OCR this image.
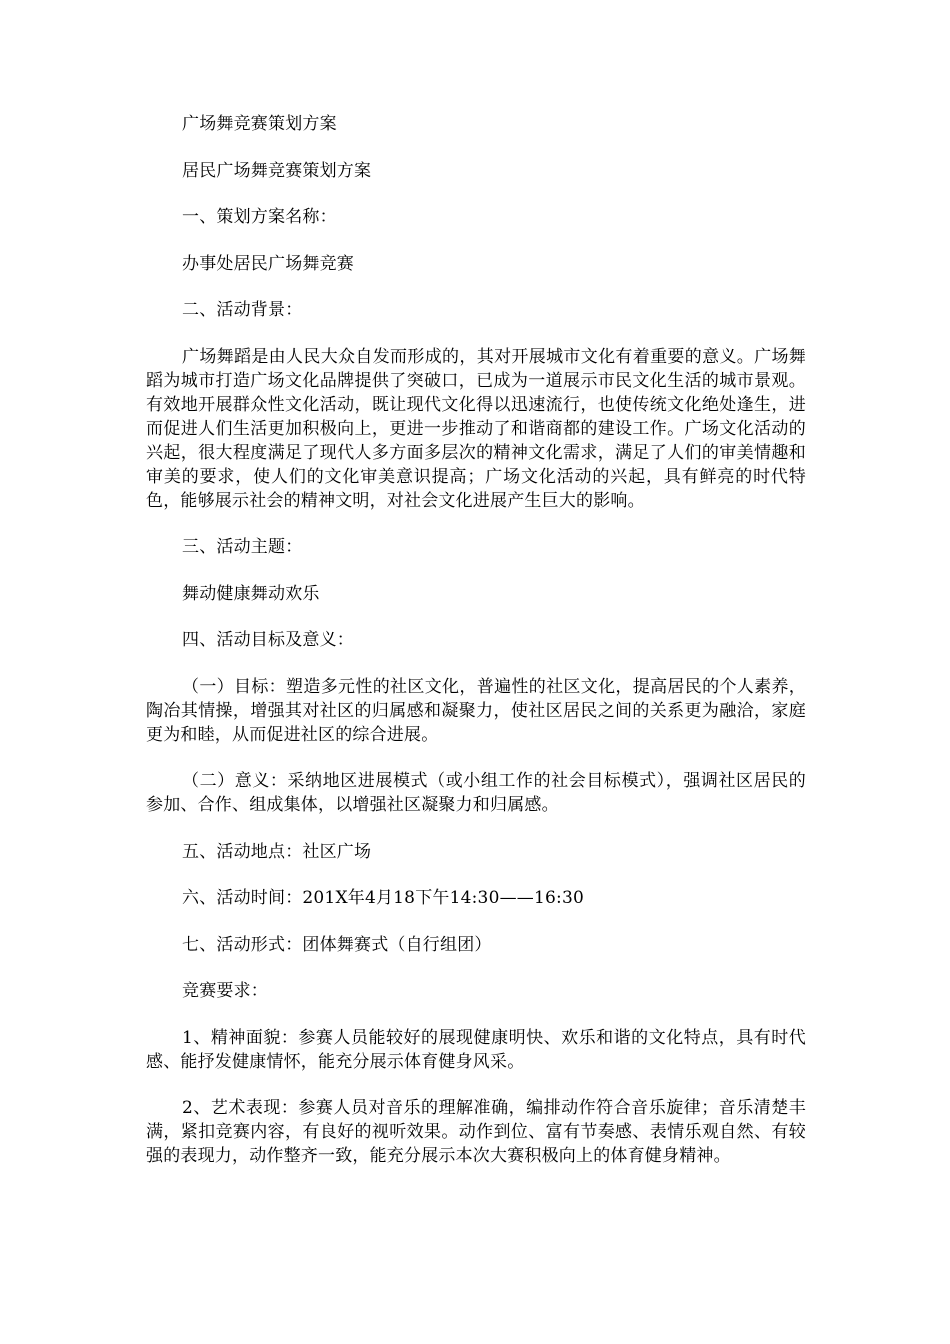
广场舞竞赛策划方案

居民广场舞竞赛策划方案

一、策划方案名称：

办事处居民广场舞竞赛

二、活动背景：

广场舞蹈是由人民大众自发而形成的，其对开展城市文化有着重要的意义。广场舞蹈为城市打造广场文化品牌提供了突破口，已成为一道展示市民文化生活的城市景观。有效地开展群众性文化活动，既让现代文化得以迅速流行，也使传统文化绝处逢生，进而促进人们生活更加积极向上，更进一步推动了和谐商都的建设工作。广场文化活动的兴起，很大程度满足了现代人多方面多层次的精神文化需求，满足了人们的审美情趣和审美的要求，使人们的文化审美意识提高；广场文化活动的兴起，具有鲜亮的时代特色，能够展示社会的精神文明，对社会文化进展产生巨大的影响。

三、活动主题：

舞动健康舞动欢乐

四、活动目标及意义：

（一）目标：塑造多元性的社区文化，普遍性的社区文化，提高居民的个人素养，陶冶其情操，增强其对社区的归属感和凝聚力，使社区居民之间的关系更为融洽，家庭更为和睦，从而促进社区的综合进展。

（二）意义：采纳地区进展模式（或小组工作的社会目标模式），强调社区居民的参加、合作、组成集体，以增强社区凝聚力和归属感。

五、活动地点：社区广场

六、活动时间：201X年4月18下午14:30——16:30

七、活动形式：团体舞赛式（自行组团）

竞赛要求：

1、精神面貌：参赛人员能较好的展现健康明快、欢乐和谐的文化特点，具有时代感、能抒发健康情怀，能充分展示体育健身风采。

2、艺术表现：参赛人员对音乐的理解准确，编排动作符合音乐旋律；音乐清楚丰满，紧扣竞赛内容，有良好的视听效果。动作到位、富有节奏感、表情乐观自然、有较强的表现力，动作整齐一致，能充分展示本次大赛积极向上的体育健身精神。
